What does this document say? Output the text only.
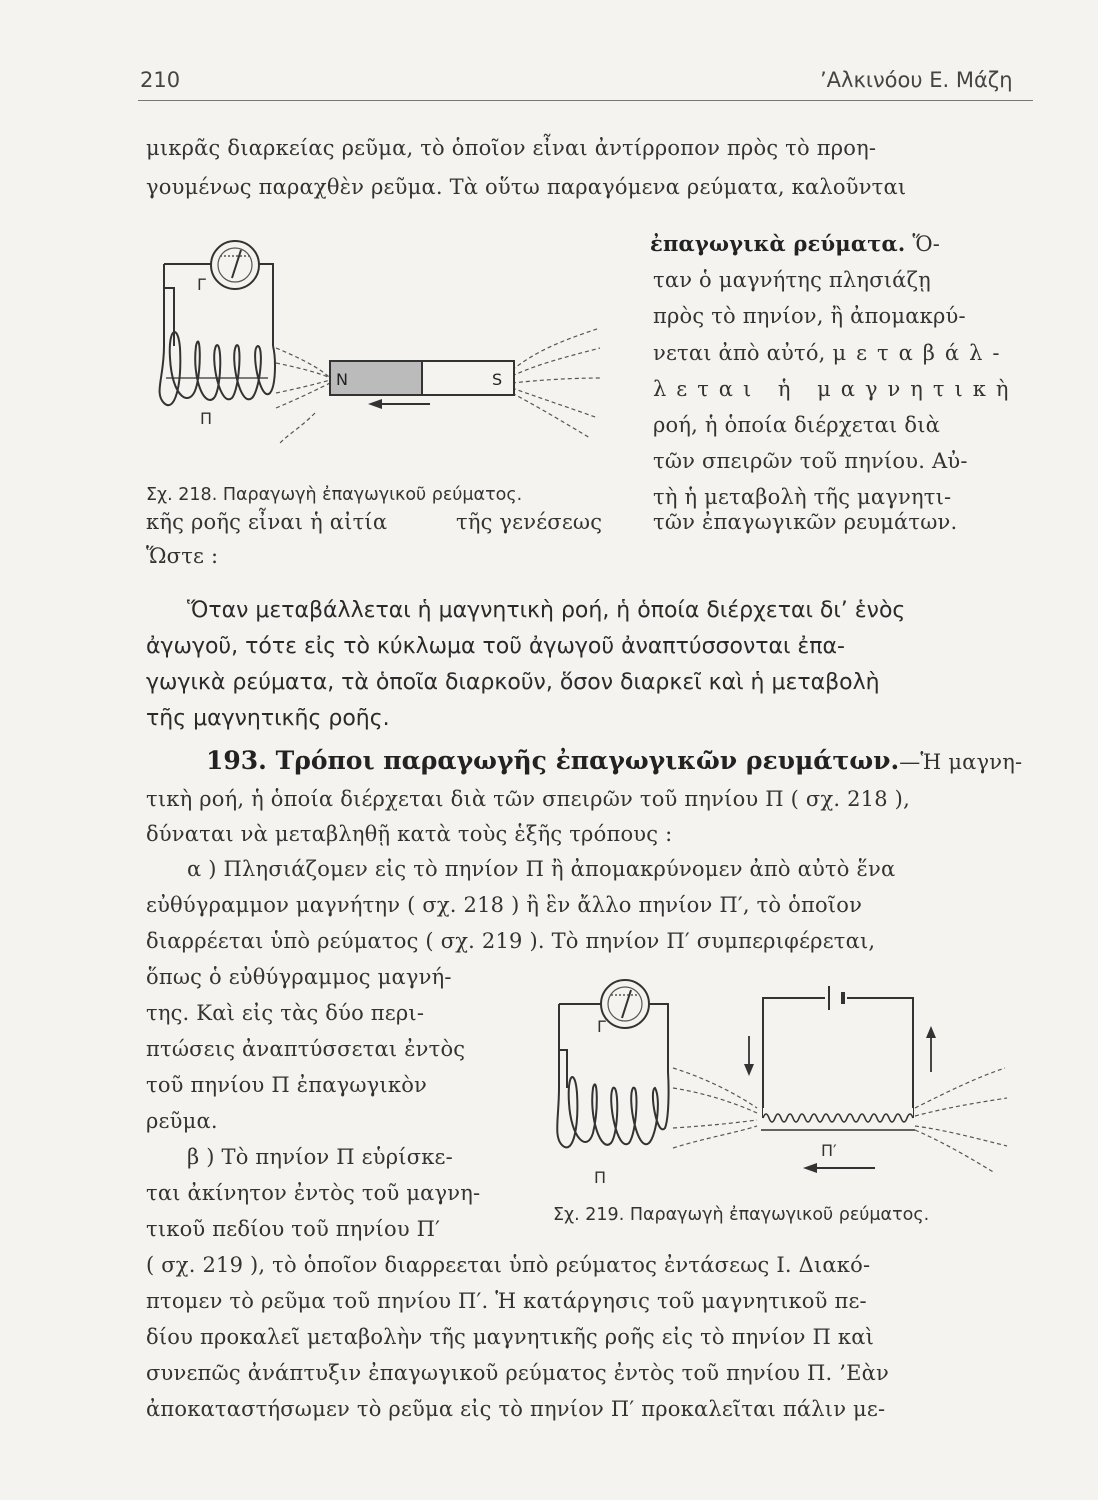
210	’Αλκινόου Ε. Μάζη
μικρᾶς διαρκείας ρεῦμα, τὸ ὁποῖον εἶναι ἀντίρροπον πρὸς τὸ προη-
γουμένως παραχθὲν ρεῦμα. Τὰ οὕτω παραγόμενα ρεύματα, καλοῦνται
ἐπαγωγικὰ ρεύματα. Ὅ-
ταν ὁ μαγνήτης πλησιάζῃ
πρὸς τὸ πηνίον, ἢ ἀπομακρύ-
νεται ἀπὸ αὐτό, μεταβάλ-
λεται ἡ μαγνητικὴ
ροή, ἡ ὁποία διέρχεται διὰ
τῶν σπειρῶν τοῦ πηνίου. Αὐ-
τὴ ἡ μεταβολὴ τῆς μαγνητι-
κῆς ροῆς εἶναι ἡ αἰτία	τῆς γενέσεως τῶν ἐπαγωγικῶν ρευμάτων.
Ὥστε :
Γ
Π
N	S
Σχ. 218. Παραγωγὴ ἐπαγωγικοῦ ρεύματος.
Ὅταν μεταβάλλεται ἡ μαγνητικὴ ροή, ἡ ὁποία διέρχεται δι’ ἑνὸς
ἀγωγοῦ, τότε εἰς τὸ κύκλωμα τοῦ ἀγωγοῦ ἀναπτύσσονται ἐπα-
γωγικὰ ρεύματα, τὰ ὁποῖα διαρκοῦν, ὅσον διαρκεῖ καὶ ἡ μεταβολὴ
τῆς μαγνητικῆς ροῆς.
193. Τρόποι παραγωγῆς ἐπαγωγικῶν ρευμάτων.—Ἡ μαγνη-
τικὴ ροή, ἡ ὁποία διέρχεται διὰ τῶν σπειρῶν τοῦ πηνίου Π ( σχ. 218 ),
δύναται νὰ μεταβληθῇ κατὰ τοὺς ἑξῆς τρόπους :
α ) Πλησιάζομεν εἰς τὸ πηνίον Π ἢ ἀπομακρύνομεν ἀπὸ αὐτὸ ἕνα
εὐθύγραμμον μαγνήτην ( σχ. 218 ) ἢ ἓν ἄλλο πηνίον Π′, τὸ ὁποῖον
διαρρέεται ὑπὸ ρεύματος ( σχ. 219 ). Τὸ πηνίον Π′ συμπεριφέρεται,
ὅπως ὁ εὐθύγραμμος μαγνή-
της. Καὶ εἰς τὰς δύο περι-
πτώσεις ἀναπτύσσεται ἐντὸς
τοῦ πηνίου Π ἐπαγωγικὸν
ρεῦμα.
β ) Τὸ πηνίον Π εὑρίσκε-
ται ἀκίνητον ἐντὸς τοῦ μαγνη-
τικοῦ πεδίου τοῦ πηνίου Π′
Γ
Π
Π′
Σχ. 219. Παραγωγὴ ἐπαγωγικοῦ ρεύματος.
( σχ. 219 ), τὸ ὁποῖον διαρρεεται ὑπὸ ρεύματος ἐντάσεως Ι. Διακό-
πτομεν τὸ ρεῦμα τοῦ πηνίου Π′. Ἡ κατάργησις τοῦ μαγνητικοῦ πε-
δίου προκαλεῖ μεταβολὴν τῆς μαγνητικῆς ροῆς εἰς τὸ πηνίον Π καὶ
συνεπῶς ἀνάπτυξιν ἐπαγωγικοῦ ρεύματος ἐντὸς τοῦ πηνίου Π. ’Εὰν
ἀποκαταστήσωμεν τὸ ρεῦμα εἰς τὸ πηνίον Π′ προκαλεῖται πάλιν με-
